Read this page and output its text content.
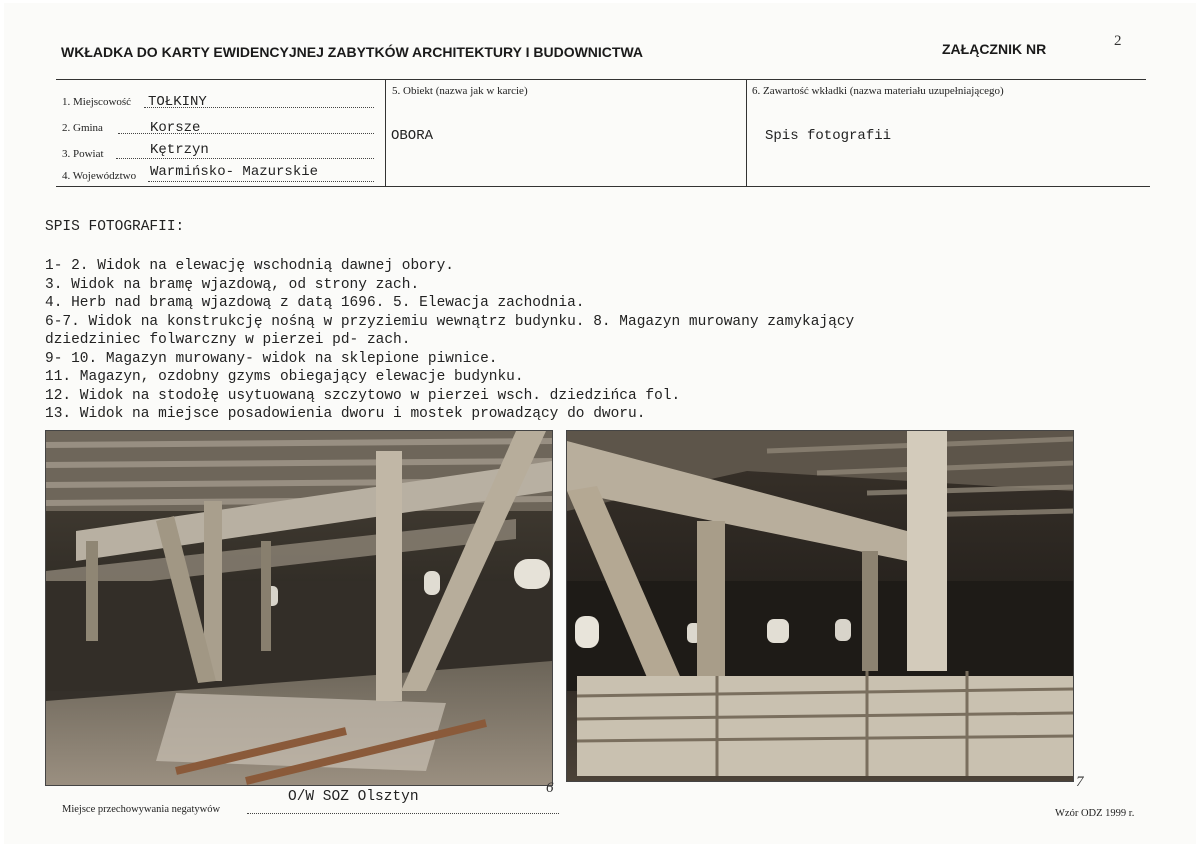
WKŁADKA DO KARTY EWIDENCYJNEJ ZABYTKÓW ARCHITEKTURY I BUDOWNICTWA	ZAŁĄCZNIK NR	2
1. Miejscowość TOŁKINY
2. Gmina	Korsze
3. Powiat	Kętrzyn
4. Województwo Warmińsko- Mazurskie
5. Obiekt (nazwa jak w karcie)
OBORA
6. Zawartość wkładki (nazwa materiału uzupełniającego)
Spis fotografii
SPIS FOTOGRAFII:
1- 2. Widok na elewację wschodnią dawnej obory.
3. Widok na bramę wjazdową, od strony zach.
4. Herb nad bramą wjazdową z datą 1696. 5. Elewacja zachodnia.
6-7. Widok na konstrukcję nośną w przyziemiu wewnątrz budynku. 8. Magazyn murowany zamykający
dziedziniec folwarczny w pierzei pd- zach.
9- 10. Magazyn murowany- widok na sklepione piwnice.
11. Magazyn, ozdobny gzyms obiegający elewacje budynku.
12. Widok na stodołę usytuowaną szczytowo w pierzei wsch. dziedzińca fol.
13. Widok na miejsce posadowienia dworu i mostek prowadzący do dworu.
6	7
Miejsce przechowywania negatywów
O/W SOZ Olsztyn
Wzór ODZ 1999 r.
